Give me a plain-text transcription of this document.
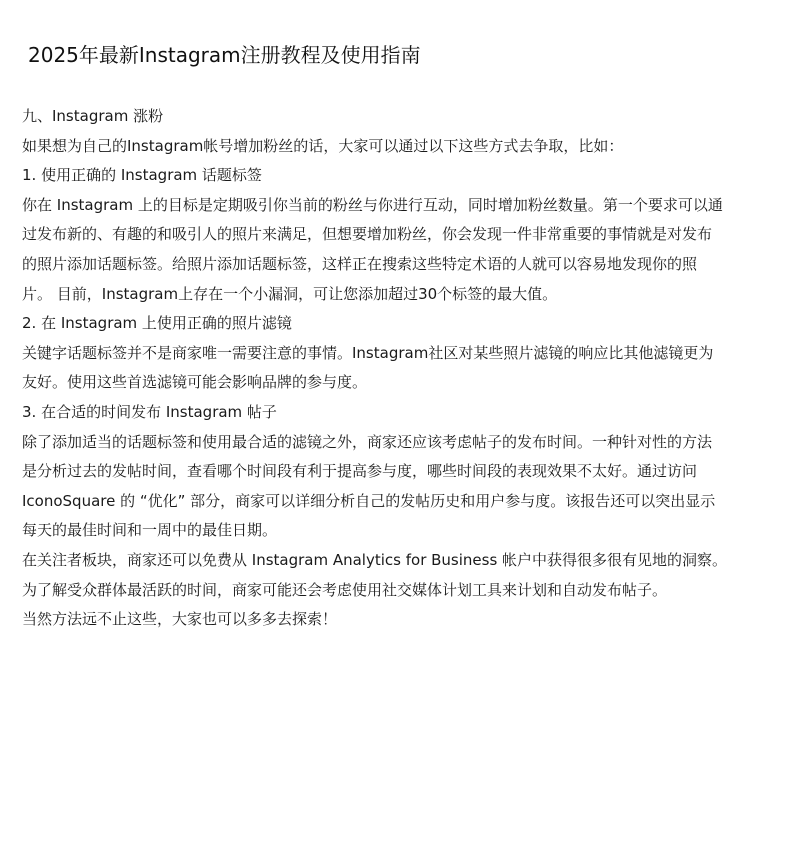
2025年最新Instagram注册教程及使用指南

九、Instagram 涨粉

如果想为自己的Instagram帐号增加粉丝的话，大家可以通过以下这些方式去争取，比如：

1. 使用正确的 Instagram 话题标签

你在 Instagram 上的目标是定期吸引你当前的粉丝与你进行互动，同时增加粉丝数量。第一个要求可以通

过发布新的、有趣的和吸引人的照片来满足，但想要增加粉丝，你会发现一件非常重要的事情就是对发布

的照片添加话题标签。给照片添加话题标签，这样正在搜索这些特定术语的人就可以容易地发现你的照

片。 目前，Instagram上存在一个小漏洞，可让您添加超过30个标签的最大值。

2. 在 Instagram 上使用正确的照片滤镜

关键字话题标签并不是商家唯一需要注意的事情。Instagram社区对某些照片滤镜的响应比其他滤镜更为

友好。使用这些首选滤镜可能会影响品牌的参与度。

3. 在合适的时间发布 Instagram 帖子

除了添加适当的话题标签和使用最合适的滤镜之外，商家还应该考虑帖子的发布时间。一种针对性的方法

是分析过去的发帖时间，查看哪个时间段有利于提高参与度，哪些时间段的表现效果不太好。通过访问

IconoSquare 的 “优化” 部分，商家可以详细分析自己的发帖历史和用户参与度。该报告还可以突出显示

每天的最佳时间和一周中的最佳日期。

在关注者板块，商家还可以免费从 Instagram Analytics for Business 帐户中获得很多很有见地的洞察。

为了解受众群体最活跃的时间，商家可能还会考虑使用社交媒体计划工具来计划和自动发布帖子。

当然方法远不止这些，大家也可以多多去探索！
